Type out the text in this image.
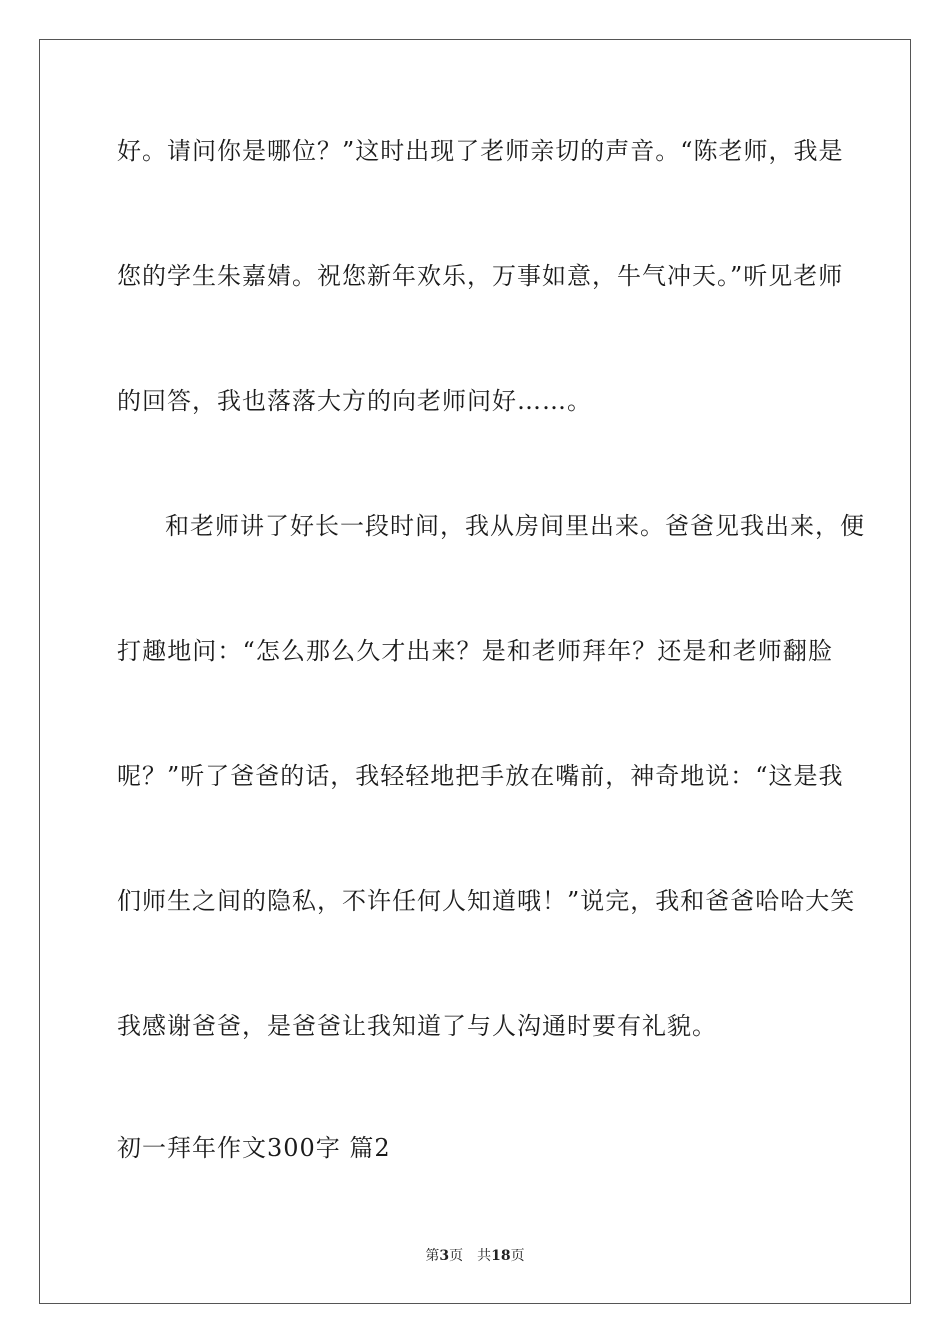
好。请问你是哪位？”这时出现了老师亲切的声音。“陈老师，我是
您的学生朱嘉婧。祝您新年欢乐，万事如意，牛气冲天。”听见老师
的回答，我也落落大方的向老师问好……。
和老师讲了好长一段时间，我从房间里出来。爸爸见我出来，便
打趣地问：“怎么那么久才出来？是和老师拜年？还是和老师翻脸
呢？”听了爸爸的话，我轻轻地把手放在嘴前，神奇地说：“这是我
们师生之间的隐私，不许任何人知道哦！”说完，我和爸爸哈哈大笑
我感谢爸爸，是爸爸让我知道了与人沟通时要有礼貌。
初一拜年作文300字 篇2
第3页 共18页
